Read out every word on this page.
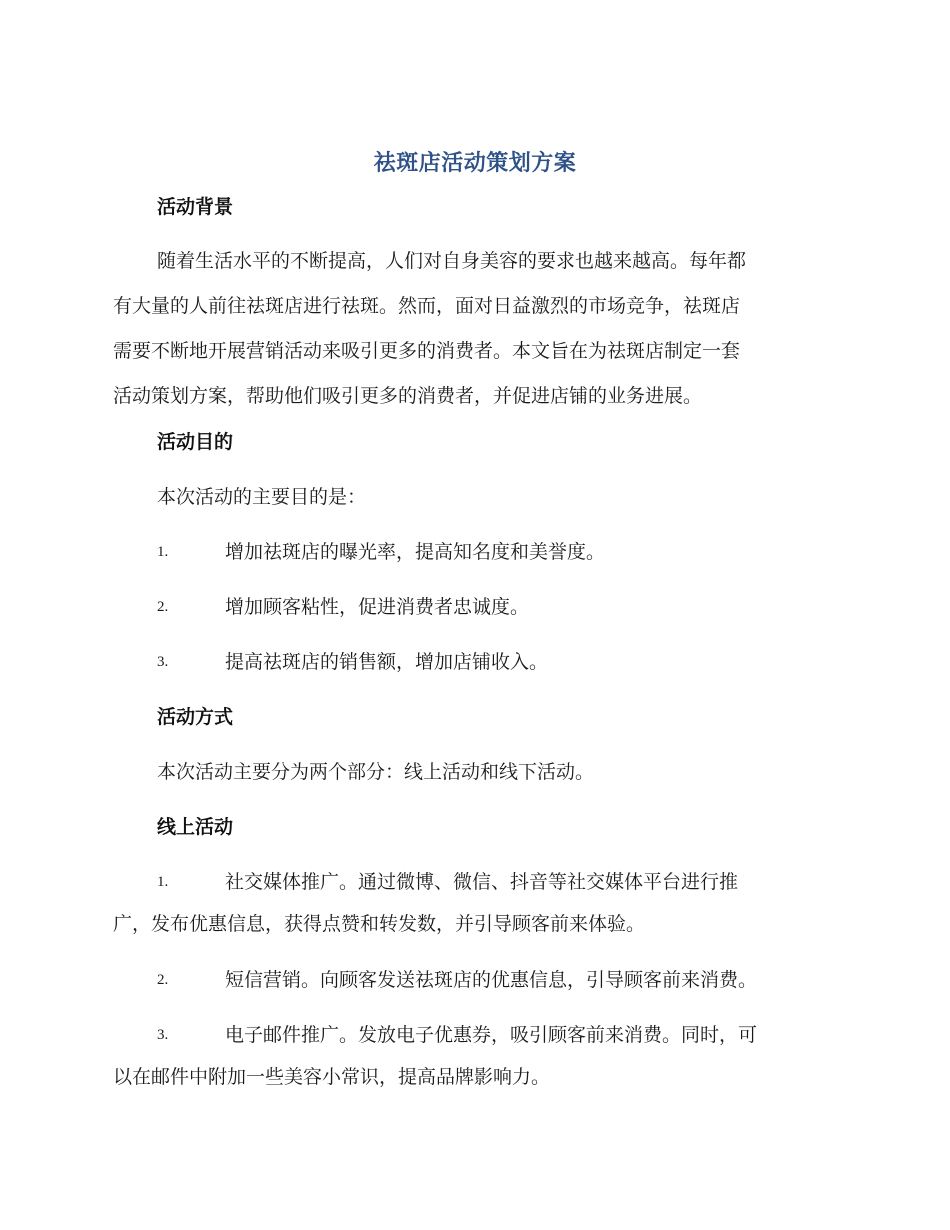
祛斑店活动策划方案
活动背景
随着生活水平的不断提高，人们对自身美容的要求也越来越高。每年都
有大量的人前往祛斑店进行祛斑。然而，面对日益激烈的市场竞争，祛斑店
需要不断地开展营销活动来吸引更多的消费者。本文旨在为祛斑店制定一套
活动策划方案，帮助他们吸引更多的消费者，并促进店铺的业务进展。
活动目的
本次活动的主要目的是：
1.	增加祛斑店的曝光率，提高知名度和美誉度。
2.	增加顾客粘性，促进消费者忠诚度。
3.	提高祛斑店的销售额，增加店铺收入。
活动方式
本次活动主要分为两个部分：线上活动和线下活动。
线上活动
1.	社交媒体推广。通过微博、微信、抖音等社交媒体平台进行推
广，发布优惠信息，获得点赞和转发数，并引导顾客前来体验。
2.	短信营销。向顾客发送祛斑店的优惠信息，引导顾客前来消费。
3.	电子邮件推广。发放电子优惠券，吸引顾客前来消费。同时，可
以在邮件中附加一些美容小常识，提高品牌影响力。
